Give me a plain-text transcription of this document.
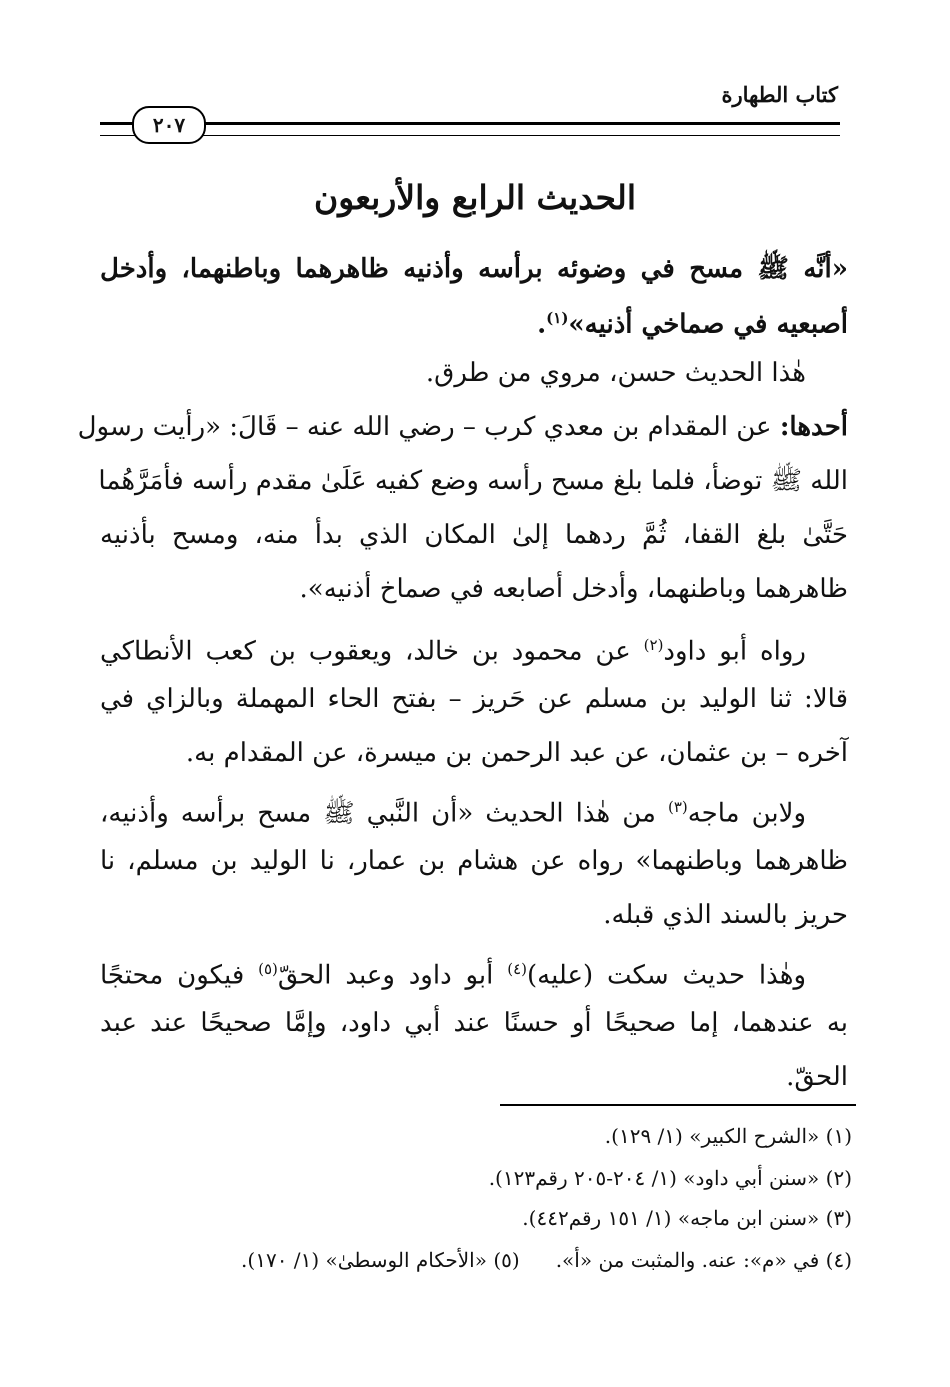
كتاب الطهارة
٢٠٧
الحديث الرابع والأربعون
«أنَّه ﷺ مسح في وضوئه برأسه وأذنيه ظاهرهما وباطنهما، وأدخل
أصبعيه في صماخي أذنيه»$^{(١)}$.
هٰذا الحديث حسن، مروي من طرق.
أحدها: عن المقدام بن معدي كرب – رضي الله عنه – قَالَ: «رأيت رسول
الله ﷺ توضأ، فلما بلغ مسح رأسه وضع كفيه عَلَىٰ مقدم رأسه فأمَرَّهُما
حَتَّىٰ بلغ القفا، ثُمَّ ردهما إلىٰ المكان الذي بدأ منه، ومسح بأذنيه
ظاهرهما وباطنهما، وأدخل أصابعه في صماخ أذنيه».
رواه أبو داود$^{(٢)}$ عن محمود بن خالد، ويعقوب بن كعب الأنطاكي
قالا: ثنا الوليد بن مسلم عن حَريز – بفتح الحاء المهملة وبالزاي في
آخره – بن عثمان، عن عبد الرحمن بن ميسرة، عن المقدام به.
ولابن ماجه$^{(٣)}$ من هٰذا الحديث «أن النَّبي ﷺ مسح برأسه وأذنيه،
ظاهرهما وباطنهما» رواه عن هشام بن عمار، نا الوليد بن مسلم، نا
حريز بالسند الذي قبله.
وهٰذا حديث سكت (عليه)$^{(٤)}$ أبو داود وعبد الحقّ$^{(٥)}$ فيكون محتجًا
به عندهما، إما صحيحًا أو حسنًا عند أبي داود، وإمَّا صحيحًا عند عبد
الحقّ.
(١) «الشرح الكبير» (١/ ١٢٩).
(٢) «سنن أبي داود» (١/ ٢٠٤-٢٠٥ رقم١٢٣).
(٣) «سنن ابن ماجه» (١/ ١٥١ رقم٤٤٢).
(٤) في «م»: عنه. والمثبت من «أ».(٥) «الأحكام الوسطىٰ» (١/ ١٧٠).
